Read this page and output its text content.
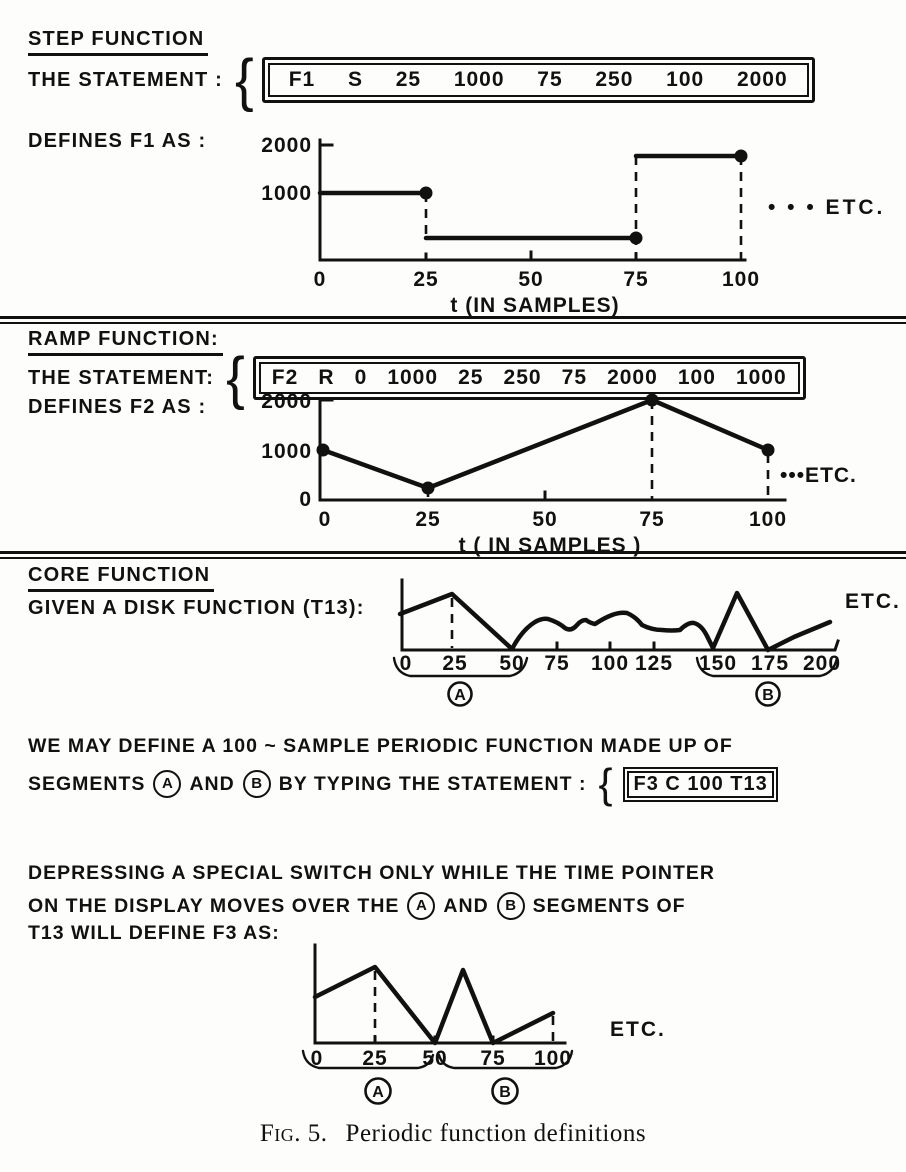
STEP FUNCTION
THE STATEMENT : { F1 S 25 1000 75 250 100 2000
DEFINES F1 AS :	2000
1000
0	25	50	75	100
t (IN SAMPLES)
• • • ETC.
RAMP FUNCTION:
THE STATEMENT: { F2 R 0 1000 25 250 75 2000 100 1000
DEFINES F2 AS :	2000
1000
0
0	25	50	75	100
t ( IN SAMPLES )
•••ETC.
CORE FUNCTION
GIVEN A DISK FUNCTION (T13):
0 25 50 75 100 125 150 175 200
A	B
ETC.
WE MAY DEFINE A 100 ~ SAMPLE PERIODIC FUNCTION MADE UP OF
SEGMENTS	A AND	B BY TYPING THE STATEMENT : {	F3 C 100 T13
DEPRESSING A SPECIAL SWITCH ONLY WHILE THE TIME POINTER
ON THE DISPLAY MOVES OVER THE	A AND	B SEGMENTS OF
T13 WILL DEFINE F3 AS:
0 25 50 75 100
A	B
ETC.
Fig. 5. Periodic function definitions
